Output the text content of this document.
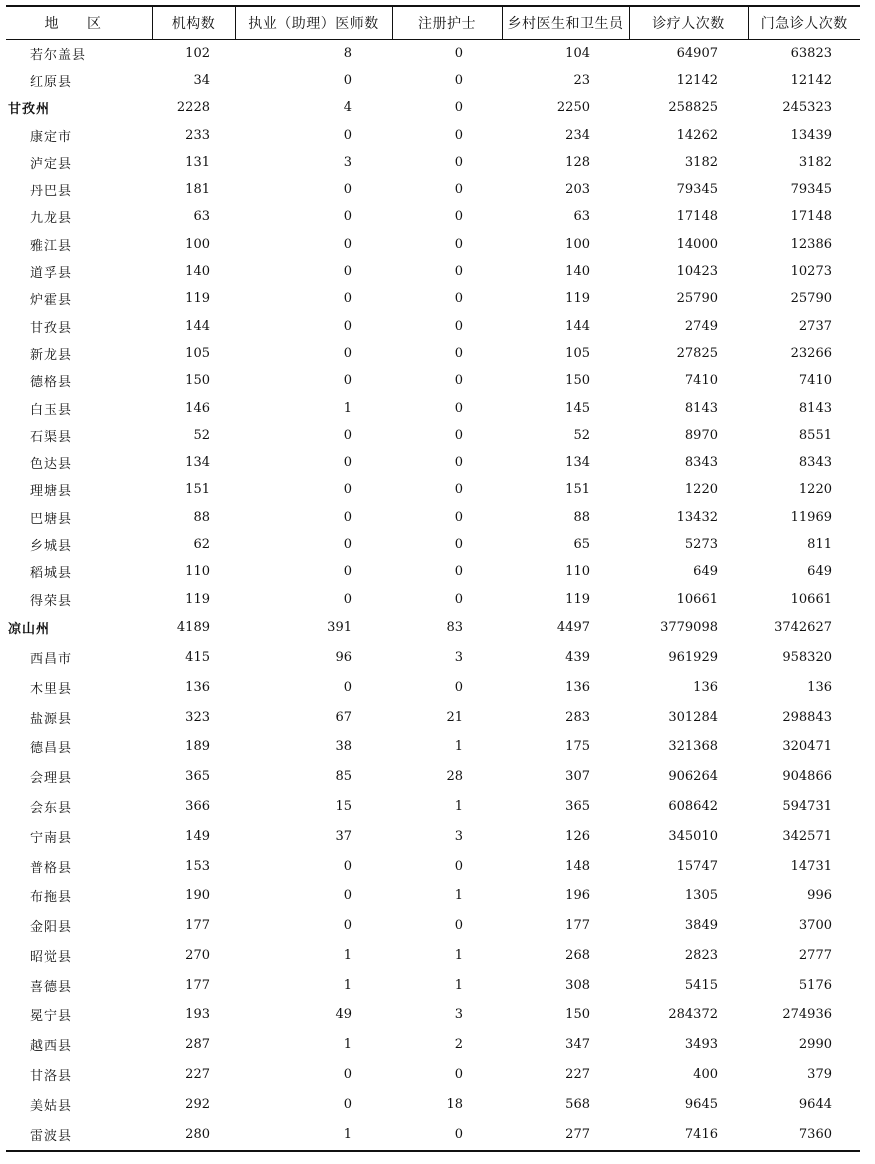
地 区	机构数	执业（助理）医师数	注册护士	乡村医生和卫生员	诊疗人次数	门急诊人次数
若尔盖县	102	8	0	104	64907	63823
红原县	34	0	0	23	12142	12142
甘孜州	2228	4	0	2250	258825	245323
康定市	233	0	0	234	14262	13439
泸定县	131	3	0	128	3182	3182
丹巴县	181	0	0	203	79345	79345
九龙县	63	0	0	63	17148	17148
雅江县	100	0	0	100	14000	12386
道孚县	140	0	0	140	10423	10273
炉霍县	119	0	0	119	25790	25790
甘孜县	144	0	0	144	2749	2737
新龙县	105	0	0	105	27825	23266
德格县	150	0	0	150	7410	7410
白玉县	146	1	0	145	8143	8143
石渠县	52	0	0	52	8970	8551
色达县	134	0	0	134	8343	8343
理塘县	151	0	0	151	1220	1220
巴塘县	88	0	0	88	13432	11969
乡城县	62	0	0	65	5273	811
稻城县	110	0	0	110	649	649
得荣县	119	0	0	119	10661	10661
凉山州	4189	391	83	4497	3779098	3742627
西昌市	415	96	3	439	961929	958320
木里县	136	0	0	136	136	136
盐源县	323	67	21	283	301284	298843
德昌县	189	38	1	175	321368	320471
会理县	365	85	28	307	906264	904866
会东县	366	15	1	365	608642	594731
宁南县	149	37	3	126	345010	342571
普格县	153	0	0	148	15747	14731
布拖县	190	0	1	196	1305	996
金阳县	177	0	0	177	3849	3700
昭觉县	270	1	1	268	2823	2777
喜德县	177	1	1	308	5415	5176
冕宁县	193	49	3	150	284372	274936
越西县	287	1	2	347	3493	2990
甘洛县	227	0	0	227	400	379
美姑县	292	0	18	568	9645	9644
雷波县	280	1	0	277	7416	7360
